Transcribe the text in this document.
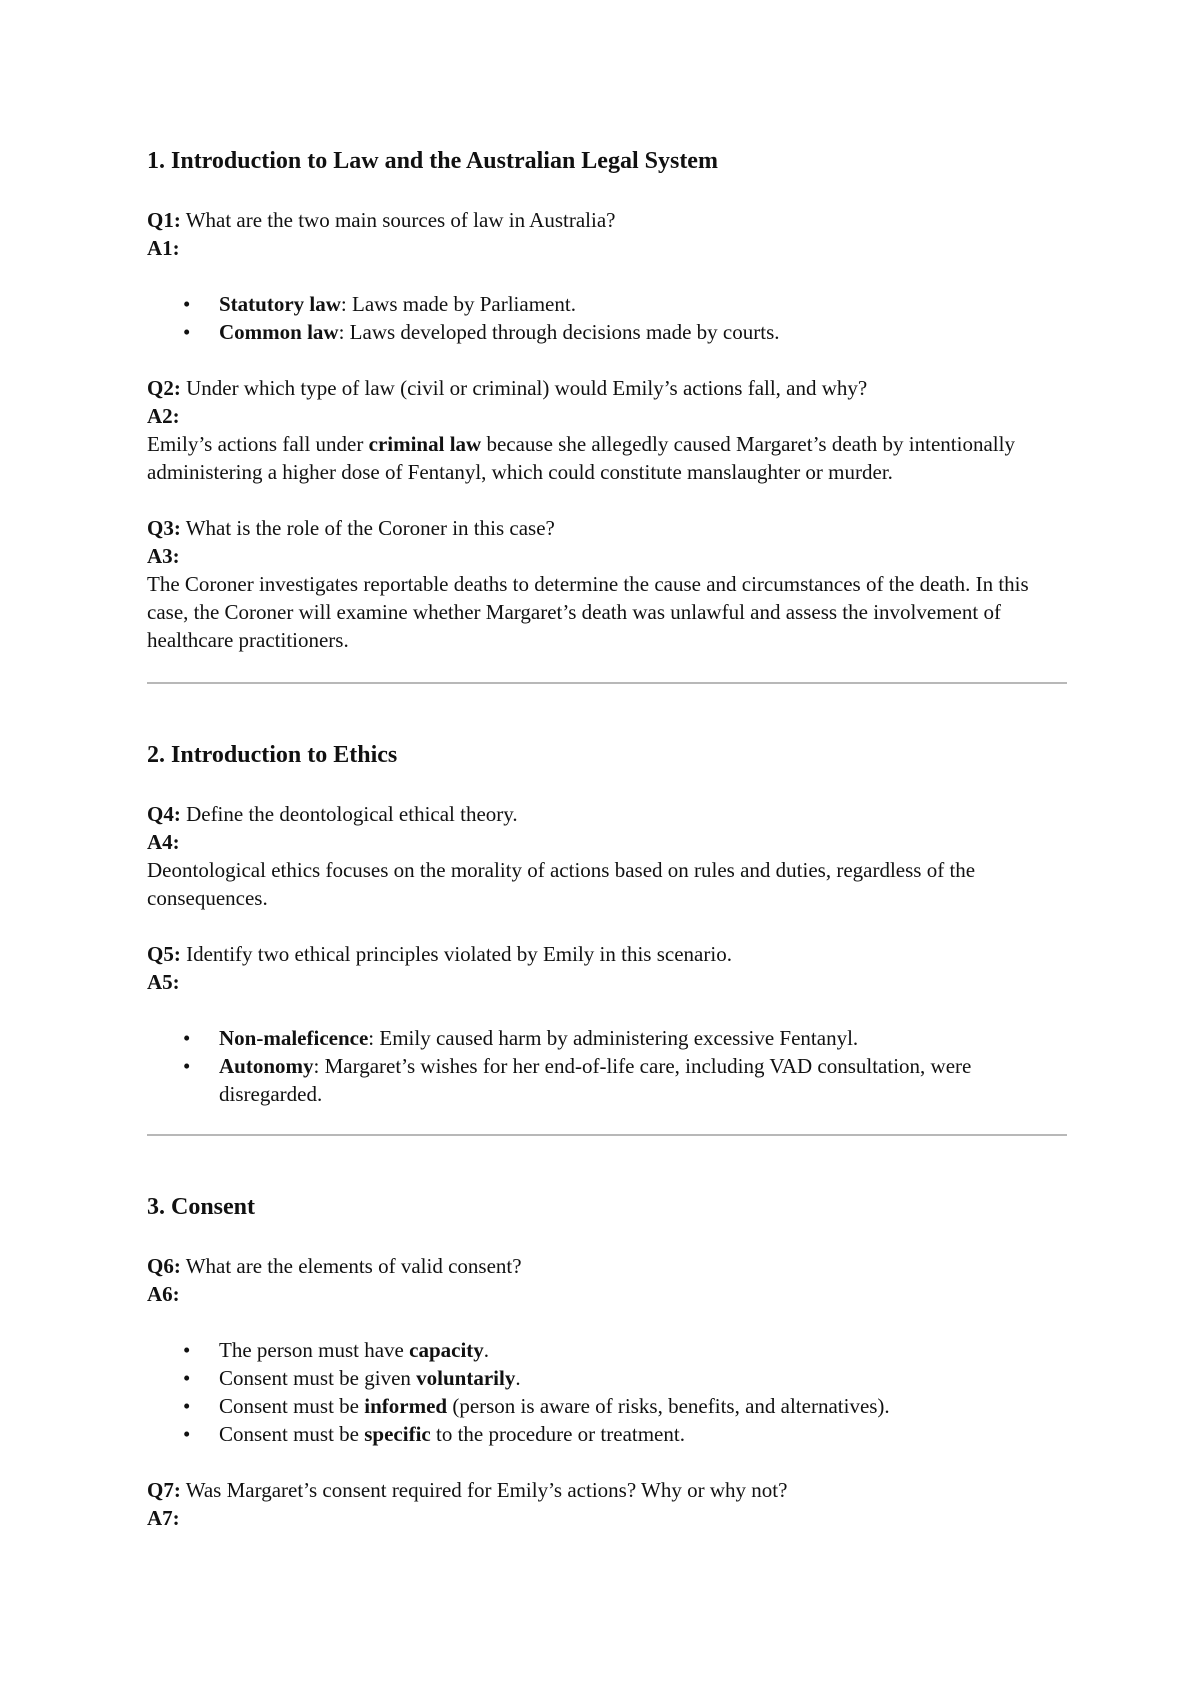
1. Introduction to Law and the Australian Legal System
Q1: What are the two main sources of law in Australia?
A1:
• Statutory law: Laws made by Parliament.
• Common law: Laws developed through decisions made by courts.
Q2: Under which type of law (civil or criminal) would Emily’s actions fall, and why?
A2:
Emily’s actions fall under criminal law because she allegedly caused Margaret’s death by intentionally administering a higher dose of Fentanyl, which could constitute manslaughter or murder.
Q3: What is the role of the Coroner in this case?
A3:
The Coroner investigates reportable deaths to determine the cause and circumstances of the death. In this case, the Coroner will examine whether Margaret’s death was unlawful and assess the involvement of healthcare practitioners.
2. Introduction to Ethics
Q4: Define the deontological ethical theory.
A4:
Deontological ethics focuses on the morality of actions based on rules and duties, regardless of the consequences.
Q5: Identify two ethical principles violated by Emily in this scenario.
A5:
• Non-maleficence: Emily caused harm by administering excessive Fentanyl.
• Autonomy: Margaret’s wishes for her end-of-life care, including VAD consultation, were disregarded.
3. Consent
Q6: What are the elements of valid consent?
A6:
• The person must have capacity.
• Consent must be given voluntarily.
• Consent must be informed (person is aware of risks, benefits, and alternatives).
• Consent must be specific to the procedure or treatment.
Q7: Was Margaret’s consent required for Emily’s actions? Why or why not?
A7:
